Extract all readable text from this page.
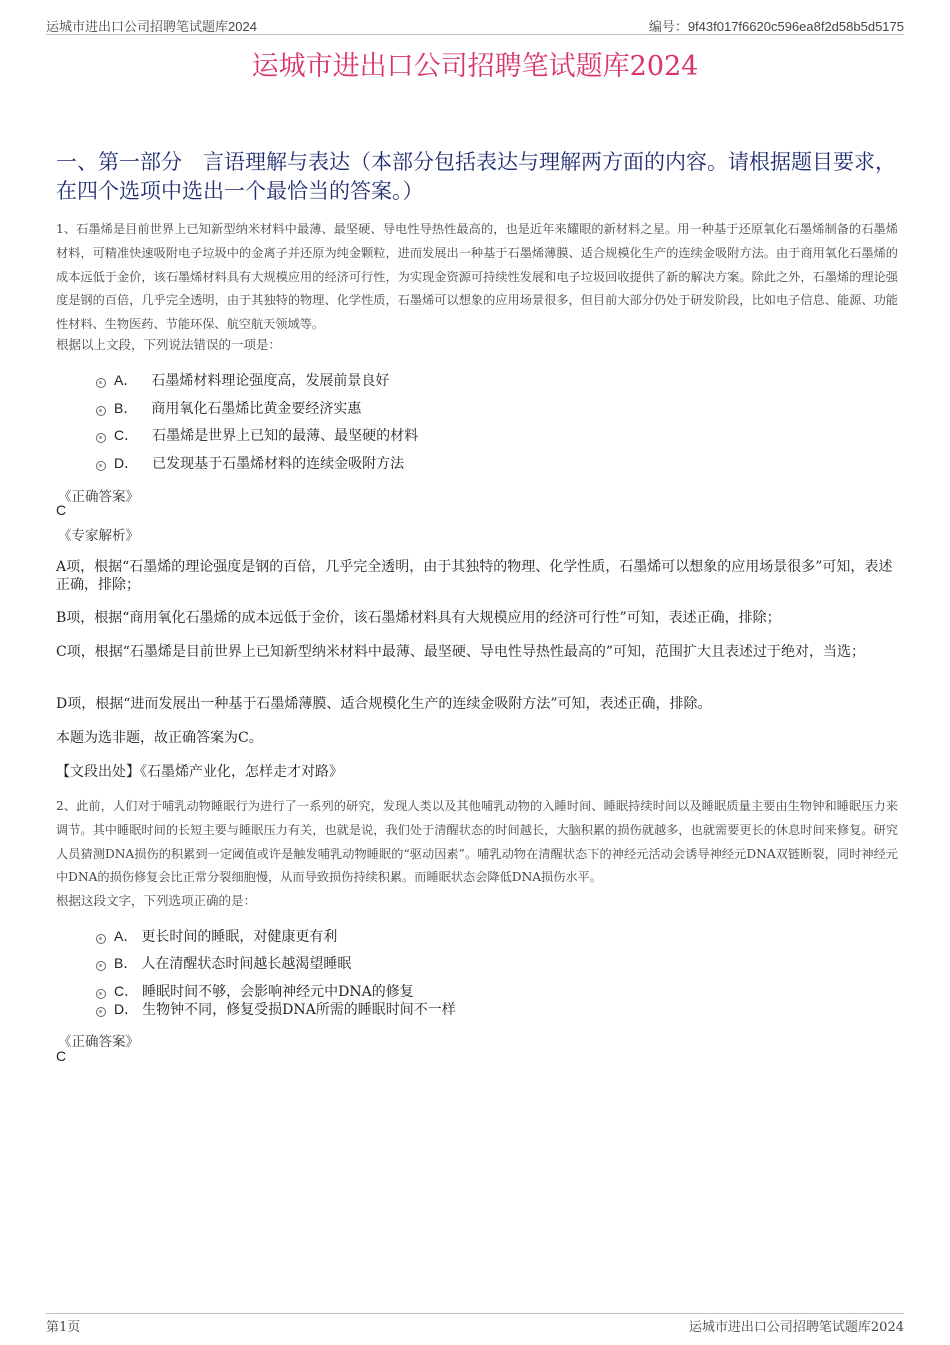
运城市进出口公司招聘笔试题库2024	编号：9f43f017f6620c596ea8f2d58b5d5175
运城市进出口公司招聘笔试题库2024
一、第一部分　言语理解与表达（本部分包括表达与理解两方面的内容。请根据题目要求，在四个选项中选出一个最恰当的答案。）
1、石墨烯是目前世界上已知新型纳米材料中最薄、最坚硬、导电性导热性最高的，也是近年来耀眼的新材料之星。用一种基于还原氧化石墨烯制备的石墨烯材料，可精准快速吸附电子垃圾中的金离子并还原为纯金颗粒，进而发展出一种基于石墨烯薄膜、适合规模化生产的连续金吸附方法。由于商用氧化石墨烯的成本远低于金价，该石墨烯材料具有大规模应用的经济可行性，为实现金资源可持续性发展和电子垃圾回收提供了新的解决方案。除此之外，石墨烯的理论强度是钢的百倍，几乎完全透明，由于其独特的物理、化学性质，石墨烯可以想象的应用场景很多，但目前大部分仍处于研发阶段，比如电子信息、能源、功能性材料、生物医药、节能环保、航空航天领域等。
根据以上文段，下列说法错误的一项是：
A． 石墨烯材料理论强度高，发展前景良好
B． 商用氧化石墨烯比黄金要经济实惠
C． 石墨烯是世界上已知的最薄、最坚硬的材料
D． 已发现基于石墨烯材料的连续金吸附方法
《正确答案》
C
《专家解析》
A项，根据“石墨烯的理论强度是钢的百倍，几乎完全透明，由于其独特的物理、化学性质，石墨烯可以想象的应用场景很多”可知，表述正确，排除；
B项，根据“商用氧化石墨烯的成本远低于金价，该石墨烯材料具有大规模应用的经济可行性”可知，表述正确，排除；
C项，根据“石墨烯是目前世界上已知新型纳米材料中最薄、最坚硬、导电性导热性最高的”可知，范围扩大且表述过于绝对，当选；
D项，根据“进而发展出一种基于石墨烯薄膜、适合规模化生产的连续金吸附方法”可知，表述正确，排除。
本题为选非题，故正确答案为C。
【文段出处】《石墨烯产业化，怎样走才对路》
2、此前，人们对于哺乳动物睡眠行为进行了一系列的研究，发现人类以及其他哺乳动物的入睡时间、睡眠持续时间以及睡眠质量主要由生物钟和睡眠压力来调节。其中睡眠时间的长短主要与睡眠压力有关，也就是说，我们处于清醒状态的时间越长，大脑积累的损伤就越多，也就需要更长的休息时间来修复。研究人员猜测DNA损伤的积累到一定阈值或许是触发哺乳动物睡眠的“驱动因素”。哺乳动物在清醒状态下的神经元活动会诱导神经元DNA双链断裂，同时神经元中DNA的损伤修复会比正常分裂细胞慢，从而导致损伤持续积累。而睡眠状态会降低DNA损伤水平。
根据这段文字，下列选项正确的是：
A． 更长时间的睡眠，对健康更有利
B． 人在清醒状态时间越长越渴望睡眠
C． 睡眠时间不够，会影响神经元中DNA的修复
D． 生物钟不同，修复受损DNA所需的睡眠时间不一样
《正确答案》
C
第1页	运城市进出口公司招聘笔试题库2024
